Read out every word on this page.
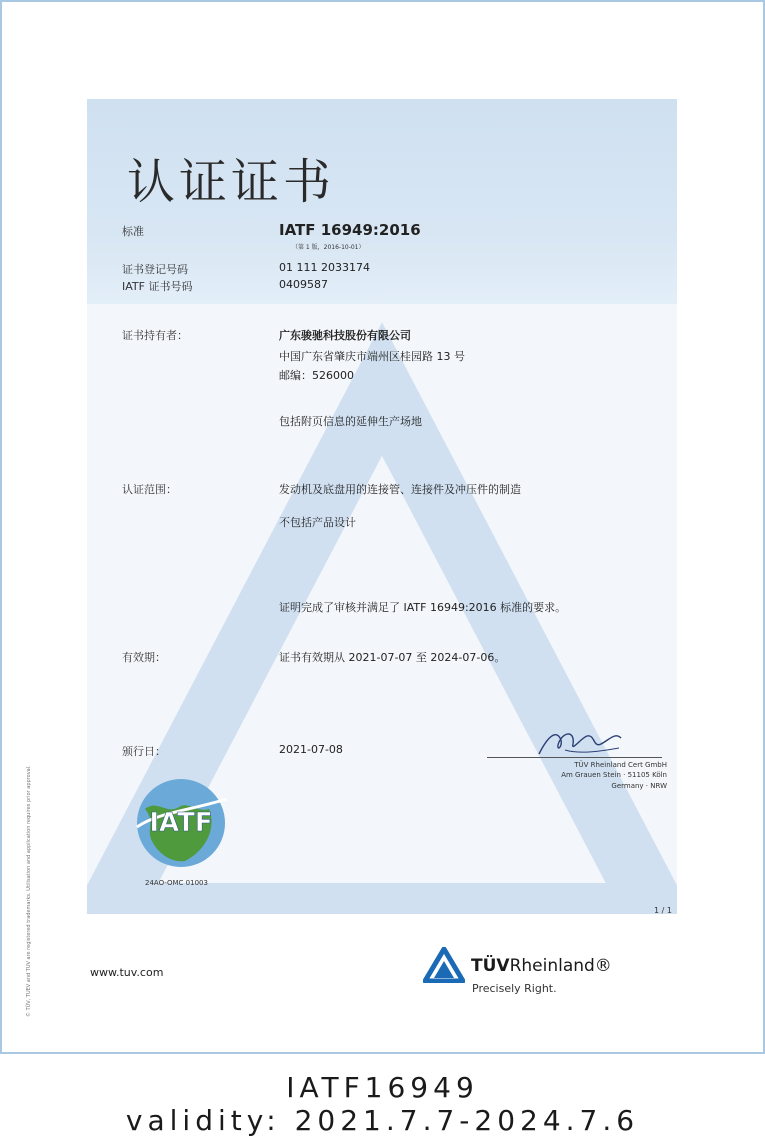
认证证书
标准	IATF 16949:2016
（第 1 版，2016-10-01）
证书登记号码	01 111 2033174
IATF 证书号码	0409587
证书持有者：	广东骏驰科技股份有限公司
中国广东省肇庆市端州区桂园路 13 号
邮编：526000
包括附页信息的延伸生产场地
认证范围：	发动机及底盘用的连接管、连接件及冲压件的制造
不包括产品设计
证明完成了审核并满足了 IATF 16949:2016 标准的要求。
有效期：	证书有效期从 2021-07-07 至 2024-07-06。
颁行日：	2021-07-08
TÜV Rheinland Cert GmbH
Am Grauen Stein · 51105 Köln
Germany · NRW
IATF
24AO-OMC 01003
1 / 1
© TÜV, TUEV and TUV are registered trademarks. Utilisation and application requires prior approval.	www.tuv.com	TÜVRheinland®
Precisely Right.
IATF16949
validity: 2021.7.7-2024.7.6
